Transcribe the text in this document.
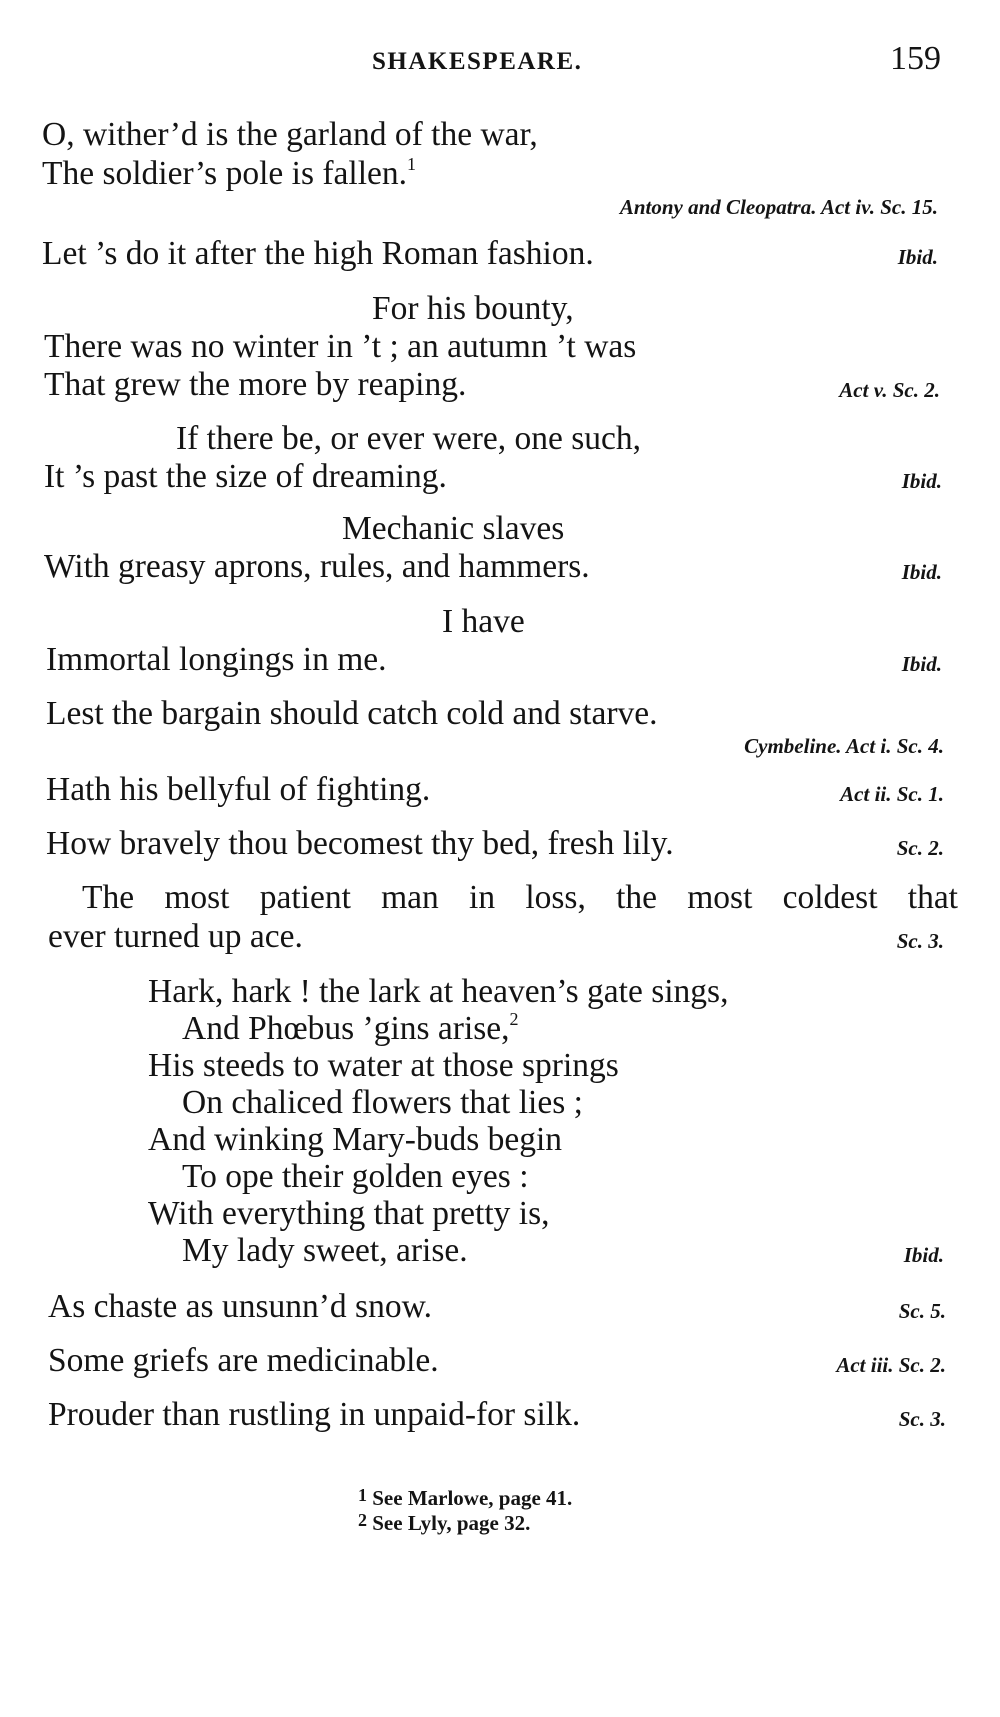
SHAKESPEARE.	159
O, wither’d is the garland of the war,
The soldier’s pole is fallen.$^1$
Antony and Cleopatra. Act iv. Sc. 15.
Let ’s do it after the high Roman fashion.	Ibid.
For his bounty,
There was no winter in ’t ; an autumn ’t was
That grew the more by reaping.	Act v. Sc. 2.
If there be, or ever were, one such,
It ’s past the size of dreaming.	Ibid.
Mechanic slaves
With greasy aprons, rules, and hammers.	Ibid.
I have
Immortal longings in me.	Ibid.
Lest the bargain should catch cold and starve.
Cymbeline. Act i. Sc. 4.
Hath his bellyful of fighting.	Act ii. Sc. 1.
How bravely thou becomest thy bed, fresh lily.	Sc. 2.
The most patient man in loss, the most coldest that
ever turned up ace.	Sc. 3.
Hark, hark ! the lark at heaven’s gate sings,
And Phœbus ’gins arise,$^2$
His steeds to water at those springs
On chaliced flowers that lies ;
And winking Mary-buds begin
To ope their golden eyes :
With everything that pretty is,
My lady sweet, arise.	Ibid.
As chaste as unsunn’d snow.	Sc. 5.
Some griefs are medicinable.	Act iii. Sc. 2.
Prouder than rustling in unpaid-for silk.	Sc. 3.
$^1$ See Marlowe, page 41.
$^2$ See Lyly, page 32.
